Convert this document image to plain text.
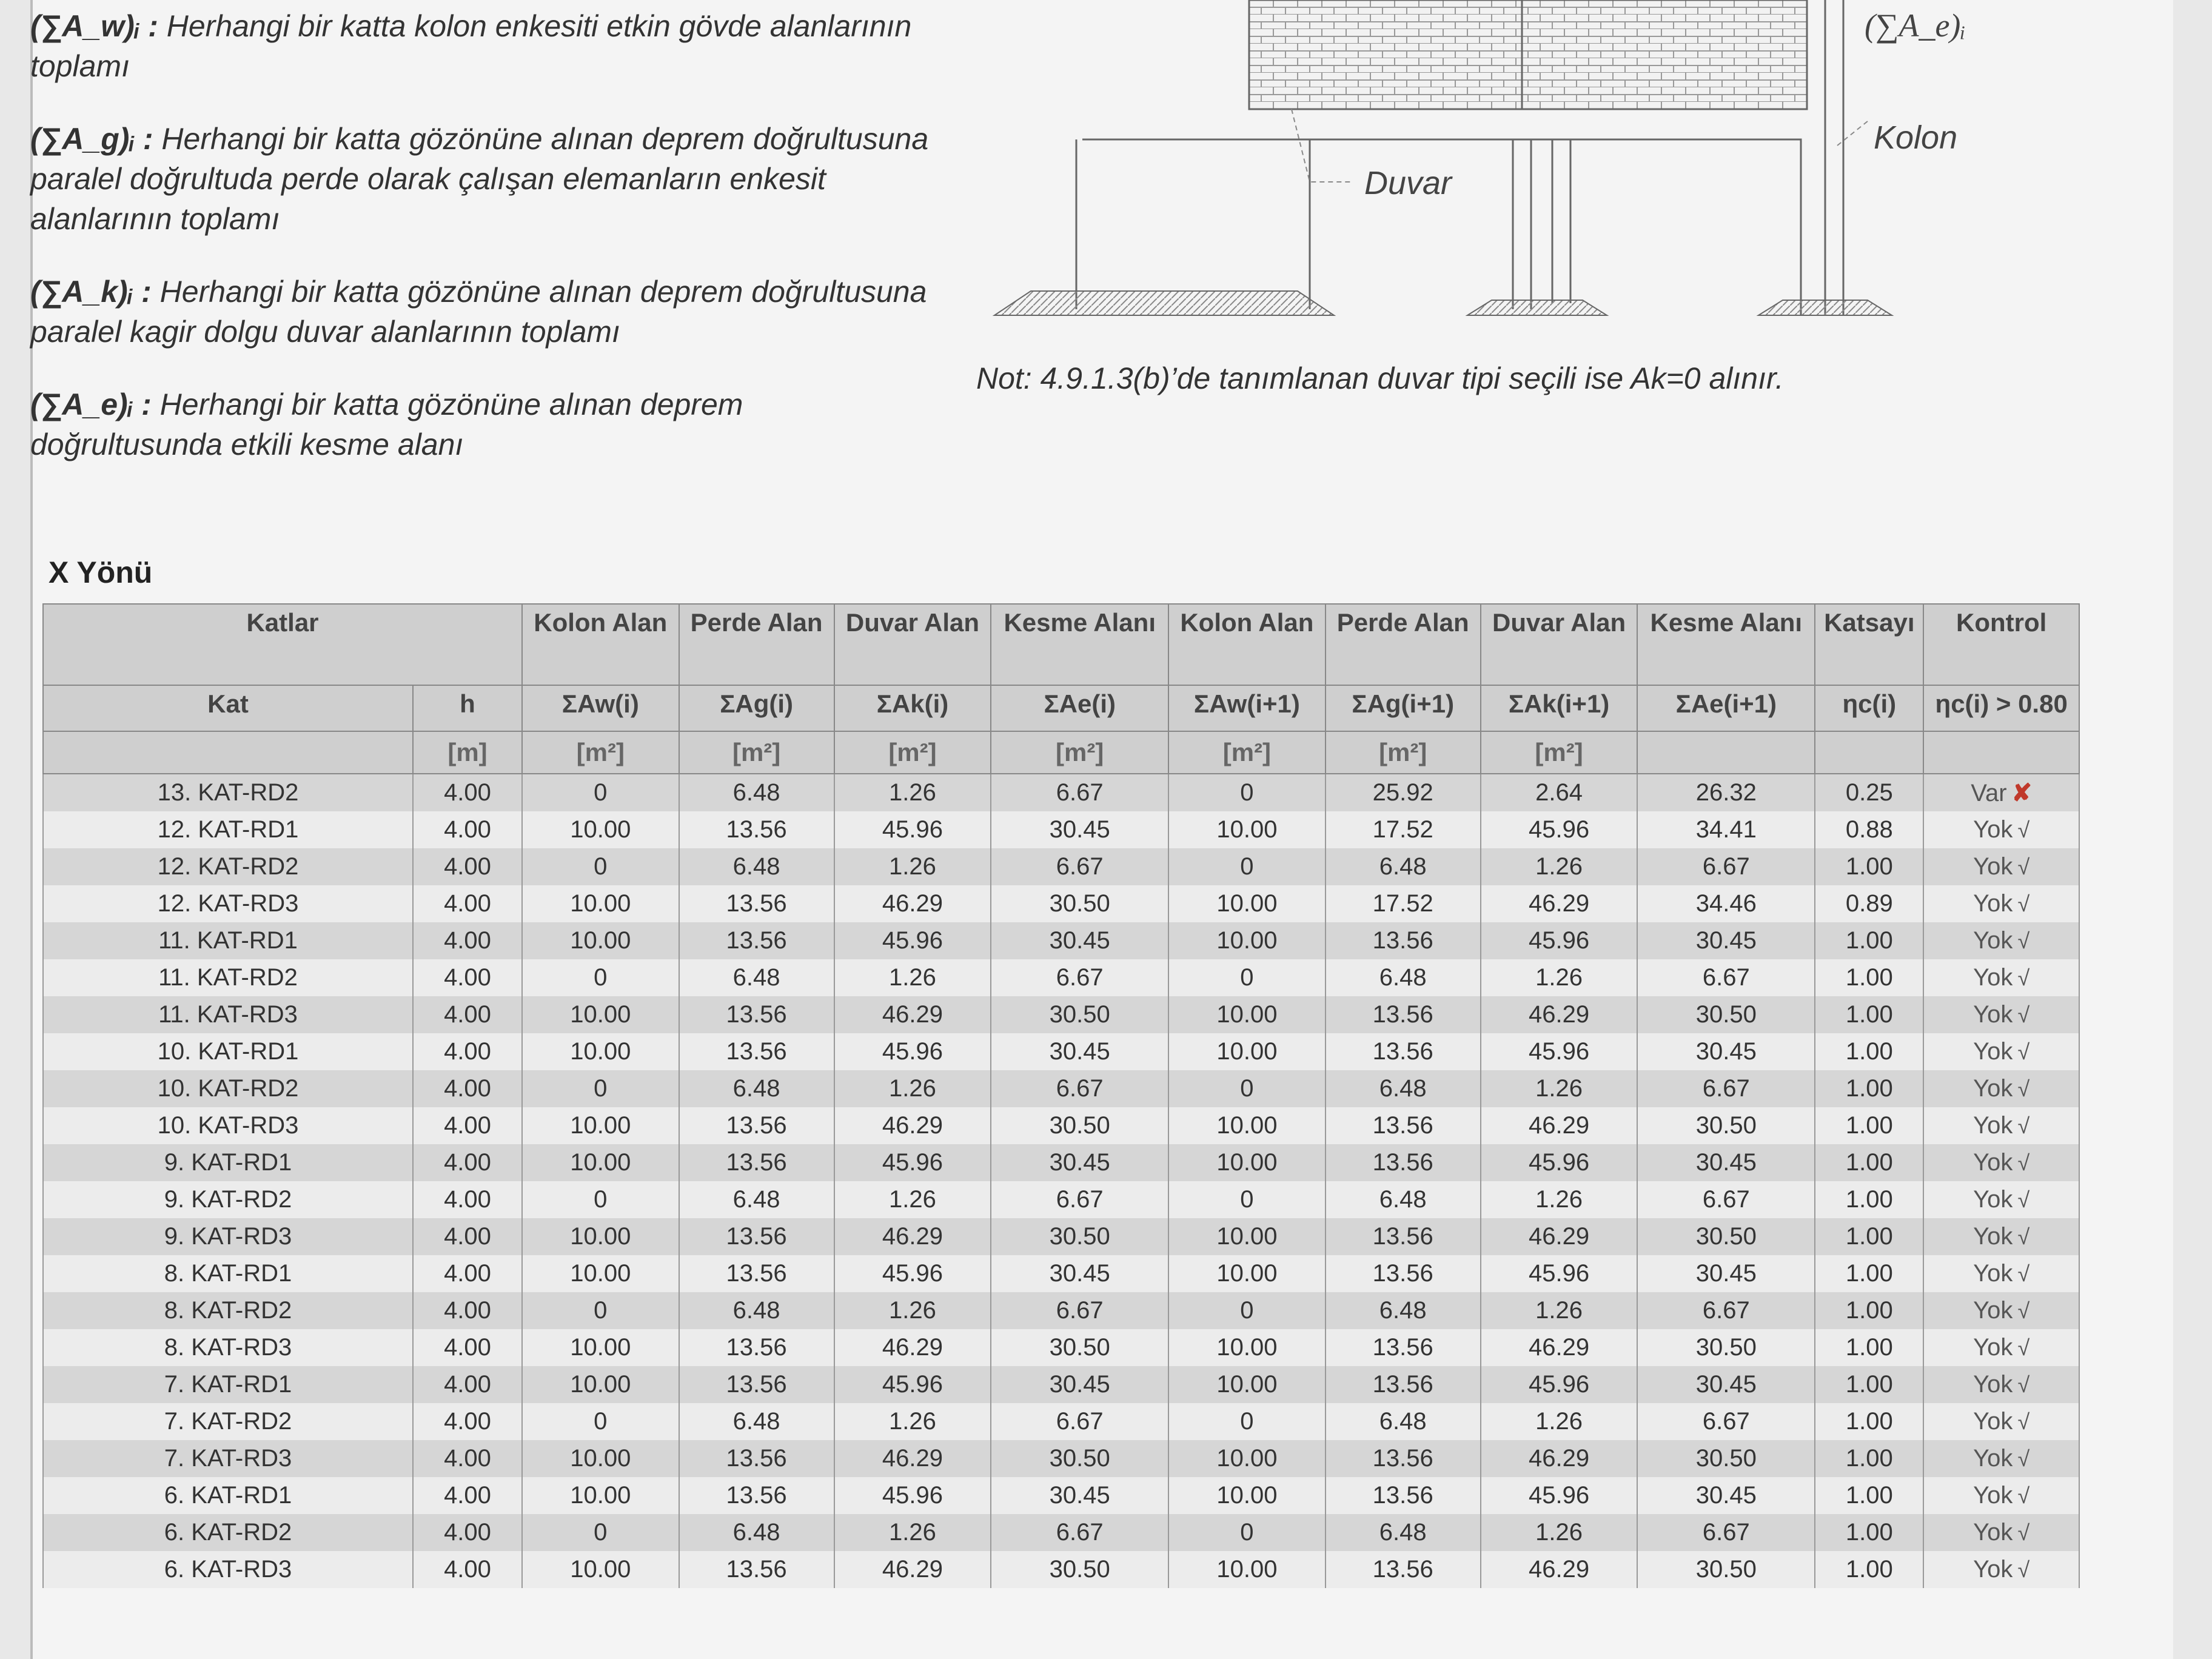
(∑A_w)ᵢ : Herhangi bir katta kolon enkesiti etkin gövde alanlarının toplamı
(∑A_g)ᵢ : Herhangi bir katta gözönüne alınan deprem doğrultusuna paralel doğrultuda perde olarak çalışan elemanların enkesit alanlarının toplamı
(∑A_k)ᵢ : Herhangi bir katta gözönüne alınan deprem doğrultusuna paralel kagir dolgu duvar alanlarının toplamı
(∑A_e)ᵢ : Herhangi bir katta gözönüne alınan deprem doğrultusunda etkili kesme alanı
Duvar
Kolon
(∑A_e)ᵢ
Not: 4.9.1.3(b)’de tanımlanan duvar tipi seçili ise Ak=0 alınır.
X Yönü
Katlar		Kolon Alan	Perde Alan	Duvar Alan	Kesme Alanı	Kolon Alan	Perde Alan	Duvar Alan	Kesme Alanı	Katsayı	Kontrol
Kat	h	ΣAw(i)	ΣAg(i)	ΣAk(i)	ΣAe(i)	ΣAw(i+1)	ΣAg(i+1)	ΣAk(i+1)	ΣAe(i+1)	ηc(i)	ηc(i) > 0.80
	[m]	[m²]	[m²]	[m²]	[m²]	[m²]	[m²]	[m²]			
13. KAT-RD2	4.00	0	6.48	1.26	6.67	0	25.92	2.64	26.32	0.25	Var ✘
12. KAT-RD1	4.00	10.00	13.56	45.96	30.45	10.00	17.52	45.96	34.41	0.88	Yok √
12. KAT-RD2	4.00	0	6.48	1.26	6.67	0	6.48	1.26	6.67	1.00	Yok √
12. KAT-RD3	4.00	10.00	13.56	46.29	30.50	10.00	17.52	46.29	34.46	0.89	Yok √
11. KAT-RD1	4.00	10.00	13.56	45.96	30.45	10.00	13.56	45.96	30.45	1.00	Yok √
11. KAT-RD2	4.00	0	6.48	1.26	6.67	0	6.48	1.26	6.67	1.00	Yok √
11. KAT-RD3	4.00	10.00	13.56	46.29	30.50	10.00	13.56	46.29	30.50	1.00	Yok √
10. KAT-RD1	4.00	10.00	13.56	45.96	30.45	10.00	13.56	45.96	30.45	1.00	Yok √
10. KAT-RD2	4.00	0	6.48	1.26	6.67	0	6.48	1.26	6.67	1.00	Yok √
10. KAT-RD3	4.00	10.00	13.56	46.29	30.50	10.00	13.56	46.29	30.50	1.00	Yok √
9. KAT-RD1	4.00	10.00	13.56	45.96	30.45	10.00	13.56	45.96	30.45	1.00	Yok √
9. KAT-RD2	4.00	0	6.48	1.26	6.67	0	6.48	1.26	6.67	1.00	Yok √
9. KAT-RD3	4.00	10.00	13.56	46.29	30.50	10.00	13.56	46.29	30.50	1.00	Yok √
8. KAT-RD1	4.00	10.00	13.56	45.96	30.45	10.00	13.56	45.96	30.45	1.00	Yok √
8. KAT-RD2	4.00	0	6.48	1.26	6.67	0	6.48	1.26	6.67	1.00	Yok √
8. KAT-RD3	4.00	10.00	13.56	46.29	30.50	10.00	13.56	46.29	30.50	1.00	Yok √
7. KAT-RD1	4.00	10.00	13.56	45.96	30.45	10.00	13.56	45.96	30.45	1.00	Yok √
7. KAT-RD2	4.00	0	6.48	1.26	6.67	0	6.48	1.26	6.67	1.00	Yok √
7. KAT-RD3	4.00	10.00	13.56	46.29	30.50	10.00	13.56	46.29	30.50	1.00	Yok √
6. KAT-RD1	4.00	10.00	13.56	45.96	30.45	10.00	13.56	45.96	30.45	1.00	Yok √
6. KAT-RD2	4.00	0	6.48	1.26	6.67	0	6.48	1.26	6.67	1.00	Yok √
6. KAT-RD3	4.00	10.00	13.56	46.29	30.50	10.00	13.56	46.29	30.50	1.00	Yok √
